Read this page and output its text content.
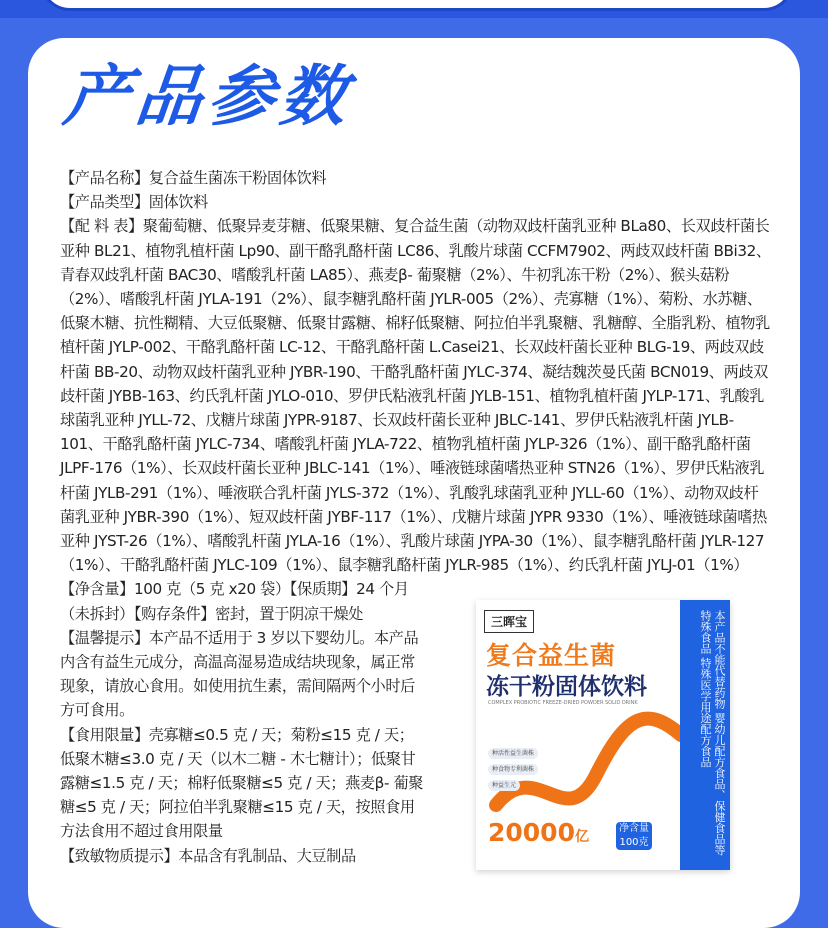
产品参数

【产品名称】复合益生菌冻干粉固体饮料

【产品类型】固体饮料

【配 料 表】聚葡萄糖、低聚异麦芽糖、低聚果糖、复合益生菌（动物双歧杆菌乳亚种 BLa80、长双歧杆菌长亚种 BL21、植物乳植杆菌 Lp90、副干酪乳酪杆菌 LC86、乳酸片球菌 CCFM7902、两歧双歧杆菌 BBi32、青春双歧乳杆菌 BAC30、嗜酸乳杆菌 LA85）、燕麦β- 葡聚糖（2%）、牛初乳冻干粉（2%）、猴头菇粉（2%）、嗜酸乳杆菌 JYLA-191（2%）、鼠李糖乳酪杆菌 JYLR-005（2%）、壳寡糖（1%）、菊粉、水苏糖、低聚木糖、抗性糊精、大豆低聚糖、低聚甘露糖、棉籽低聚糖、阿拉伯半乳聚糖、乳糖醇、全脂乳粉、植物乳植杆菌 JYLP-002、干酪乳酪杆菌 LC-12、干酪乳酪杆菌 L.Casei21、长双歧杆菌长亚种 BLG-19、两歧双歧杆菌 BB-20、动物双歧杆菌乳亚种 JYBR-190、干酪乳酪杆菌 JYLC-374、凝结魏茨曼氏菌 BCN019、两歧双歧杆菌 JYBB-163、约氏乳杆菌 JYLO-010、罗伊氏粘液乳杆菌 JYLB-151、植物乳植杆菌 JYLP-171、乳酸乳球菌乳亚种 JYLL-72、戊糖片球菌 JYPR-9187、长双歧杆菌长亚种 JBLC-141、罗伊氏粘液乳杆菌 JYLB-101、干酪乳酪杆菌 JYLC-734、嗜酸乳杆菌 JYLA-722、植物乳植杆菌 JYLP-326（1%）、副干酪乳酪杆菌 JLPF-176（1%）、长双歧杆菌长亚种 JBLC-141（1%）、唾液链球菌嗜热亚种 STN26（1%）、罗伊氏粘液乳杆菌 JYLB-291（1%）、唾液联合乳杆菌 JYLS-372（1%）、乳酸乳球菌乳亚种 JYLL-60（1%）、动物双歧杆菌乳亚种 JYBR-390（1%）、短双歧杆菌 JYBF-117（1%）、戊糖片球菌 JYPR 9330（1%）、唾液链球菌嗜热亚种 JYST-26（1%）、嗜酸乳杆菌 JYLA-16（1%）、乳酸片球菌 JYPA-30（1%）、鼠李糖乳酪杆菌 JYLR-127（1%）、干酪乳酪杆菌 JYLC-109（1%）、鼠李糖乳酪杆菌 JYLR-985（1%）、约氏乳杆菌 JYLJ-01（1%）

【净含量】100 克（5 克 x20 袋）【保质期】24 个月（未拆封）【购存条件】密封，置于阴凉干燥处

【温馨提示】本产品不适用于 3 岁以下婴幼儿。本产品内含有益生元成分，高温高湿易造成结块现象，属正常现象，请放心食用。如使用抗生素，需间隔两个小时后方可食用。

【食用限量】壳寡糖≤0.5 克 / 天；菊粉≤15 克 / 天；低聚木糖≤3.0 克 / 天（以木二糖 - 木七糖计）；低聚甘露糖≤1.5 克 / 天；棉籽低聚糖≤5 克 / 天；燕麦β- 葡聚糖≤5 克 / 天；阿拉伯半乳聚糖≤15 克 / 天，按照食用方法食用不超过食用限量

【致敏物质提示】本品含有乳制品、大豆制品

本产品不能代替药物 婴幼儿配方食品、保健食品等特殊食品 特殊医学用途配方食品
三晖宝
复合益生菌
冻干粉固体饮料
COMPLEX PROBIOTIC FREEZE-DRIED POWDER SOLID DRINK
种活性益生菌株
种食物专利菌株
种益生元
20000亿
净含量
100克
